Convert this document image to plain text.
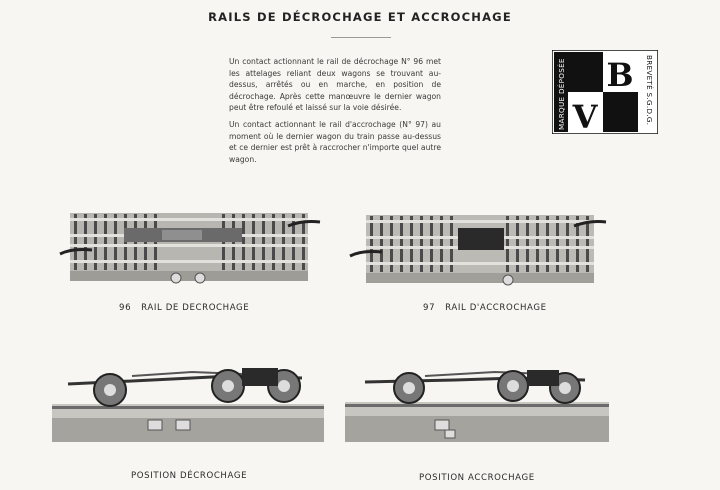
RAILS DE DÉCROCHAGE ET ACCROCHAGE

Un contact actionnant le rail de décrochage N° 96 met les attelages reliant deux wagons se trouvant au-dessus, arrêtés ou en marche, en position de décrochage. Après cette manœuvre le dernier wagon peut être refoulé et laissé sur la voie désirée.

Un contact actionnant le rail d'accrochage (N° 97) au moment où le dernier wagon du train passe au-dessus et ce dernier est prêt à raccrocher n'importe quel autre wagon.

B
V
MARQUE DÉPOSÉE	BREVETÉ S.G.D.G.
96 RAIL DE DECROCHAGE	97 RAIL D'ACCROCHAGE
POSITION DÉCROCHAGE	POSITION ACCROCHAGE
